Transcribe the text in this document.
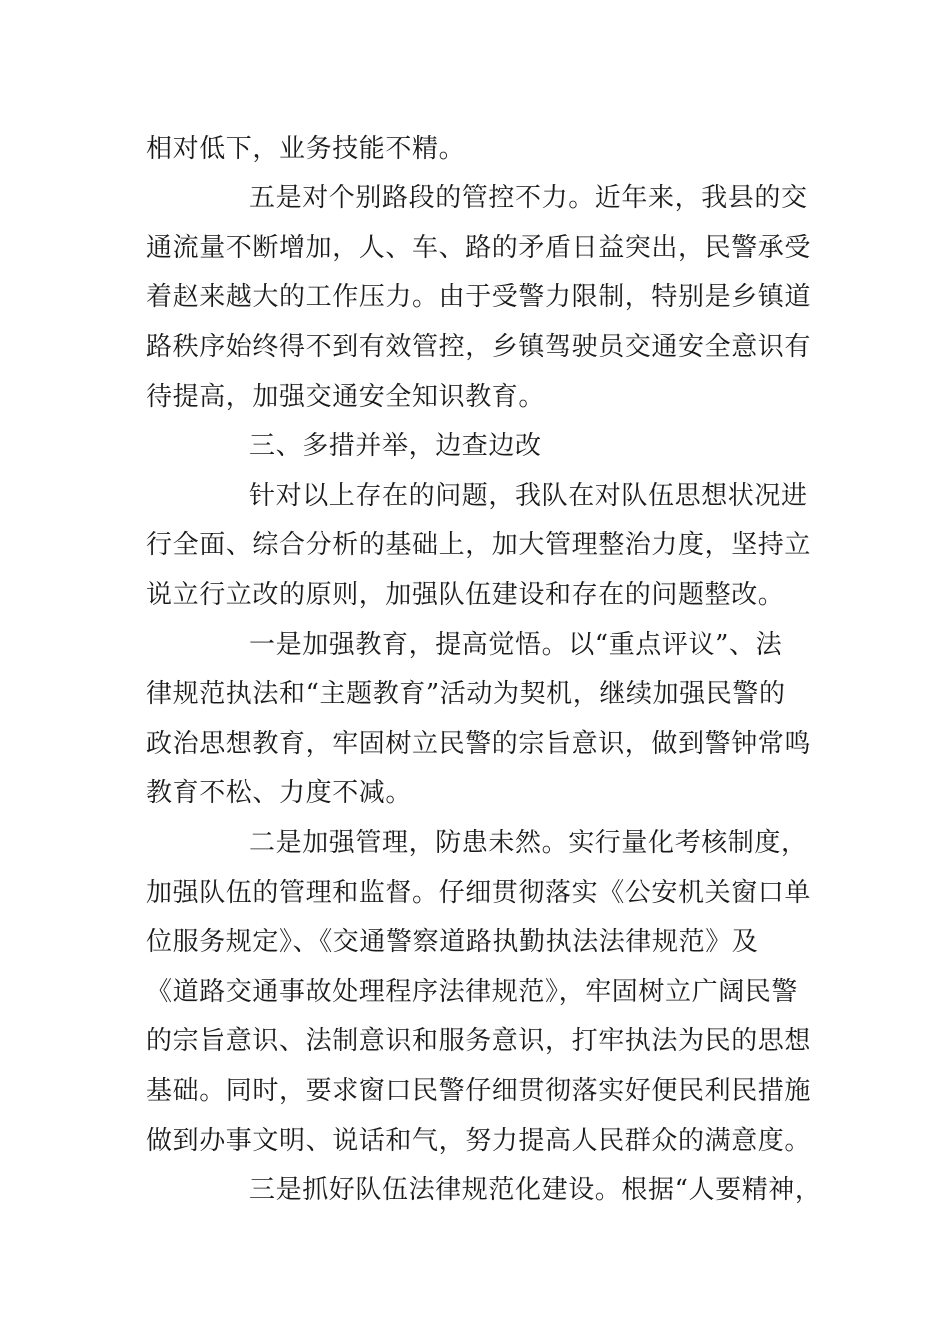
相对低下，业务技能不精。

五是对个别路段的管控不力。近年来，我县的交

通流量不断增加，人、车、路的矛盾日益突出，民警承受

着赵来越大的工作压力。由于受警力限制，特别是乡镇道

路秩序始终得不到有效管控，乡镇驾驶员交通安全意识有

待提高，加强交通安全知识教育。

三、多措并举，边查边改

针对以上存在的问题，我队在对队伍思想状况进

行全面、综合分析的基础上，加大管理整治力度，坚持立

说立行立改的原则，加强队伍建设和存在的问题整改。

一是加强教育，提高觉悟。以“重点评议”、法

律规范执法和“主题教育”活动为契机，继续加强民警的

政治思想教育，牢固树立民警的宗旨意识，做到警钟常鸣

教育不松、力度不减。

二是加强管理，防患未然。实行量化考核制度，

加强队伍的管理和监督。仔细贯彻落实《公安机关窗口单

位服务规定》、《交通警察道路执勤执法法律规范》及

《道路交通事故处理程序法律规范》，牢固树立广阔民警

的宗旨意识、法制意识和服务意识，打牢执法为民的思想

基础。同时，要求窗口民警仔细贯彻落实好便民利民措施

做到办事文明、说话和气，努力提高人民群众的满意度。

三是抓好队伍法律规范化建设。根据“人要精神，
